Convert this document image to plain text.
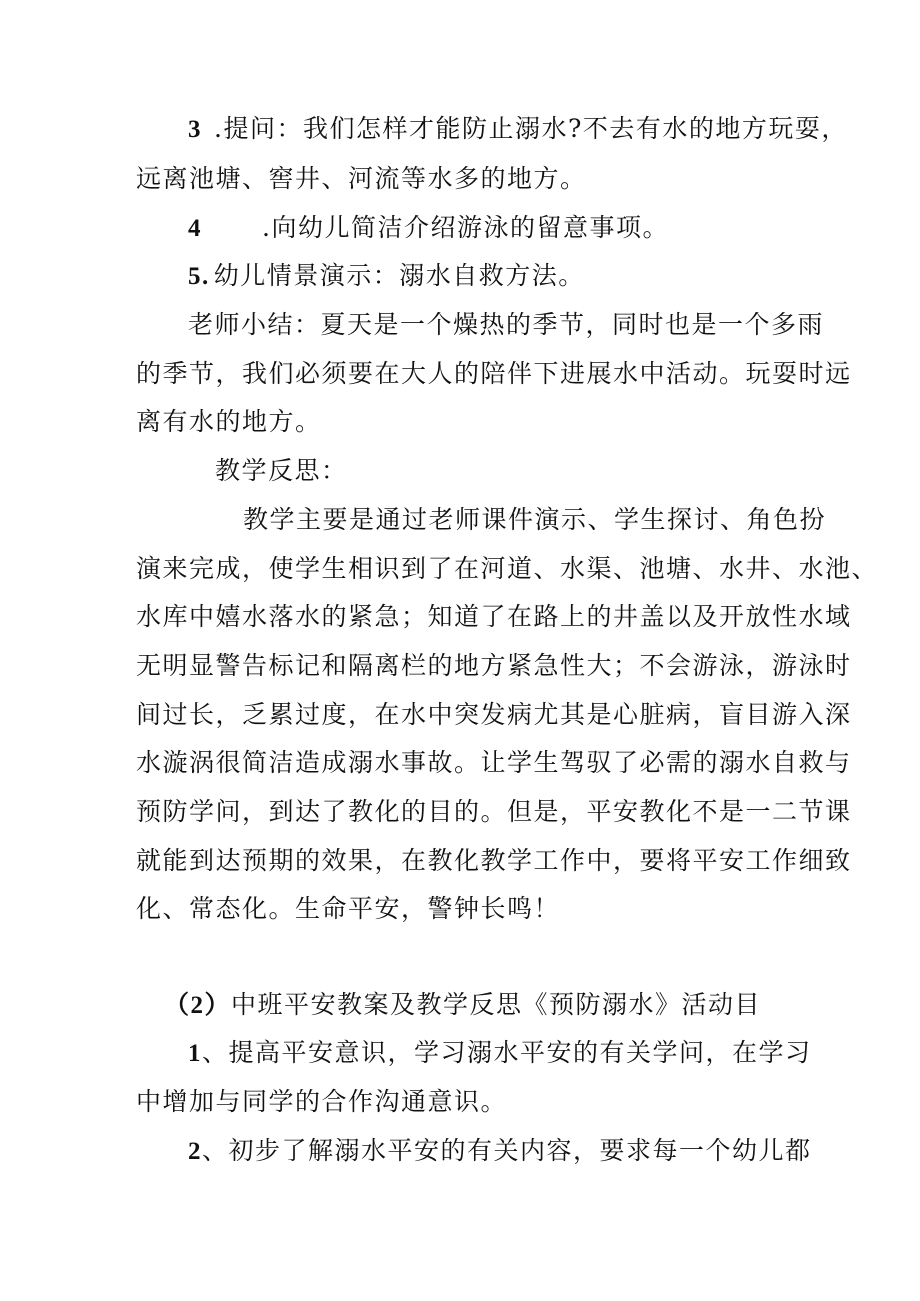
3 .提问：我们怎样才能防止溺水?不去有水的地方玩耍，
远离池塘、窖井、河流等水多的地方。
4 .向幼儿简洁介绍游泳的留意事项。
5. 幼儿情景演示：溺水自救方法。
老师小结：夏天是一个燥热的季节，同时也是一个多雨
的季节，我们必须要在大人的陪伴下进展水中活动。玩耍时远
离有水的地方。
教学反思：
教学主要是通过老师课件演示、学生探讨、角色扮
演来完成，使学生相识到了在河道、水渠、池塘、水井、水池、
水库中嬉水落水的紧急；知道了在路上的井盖以及开放性水域
无明显警告标记和隔离栏的地方紧急性大；不会游泳，游泳时
间过长，乏累过度，在水中突发病尤其是心脏病，盲目游入深
水漩涡很简洁造成溺水事故。让学生驾驭了必需的溺水自救与
预防学问，到达了教化的目的。但是，平安教化不是一二节课
就能到达预期的效果，在教化教学工作中，要将平安工作细致
化、常态化。生命平安，警钟长鸣！
（2）中班平安教案及教学反思《预防溺水》活动目
1、提高平安意识，学习溺水平安的有关学问，在学习
中增加与同学的合作沟通意识。
2、初步了解溺水平安的有关内容，要求每一个幼儿都
